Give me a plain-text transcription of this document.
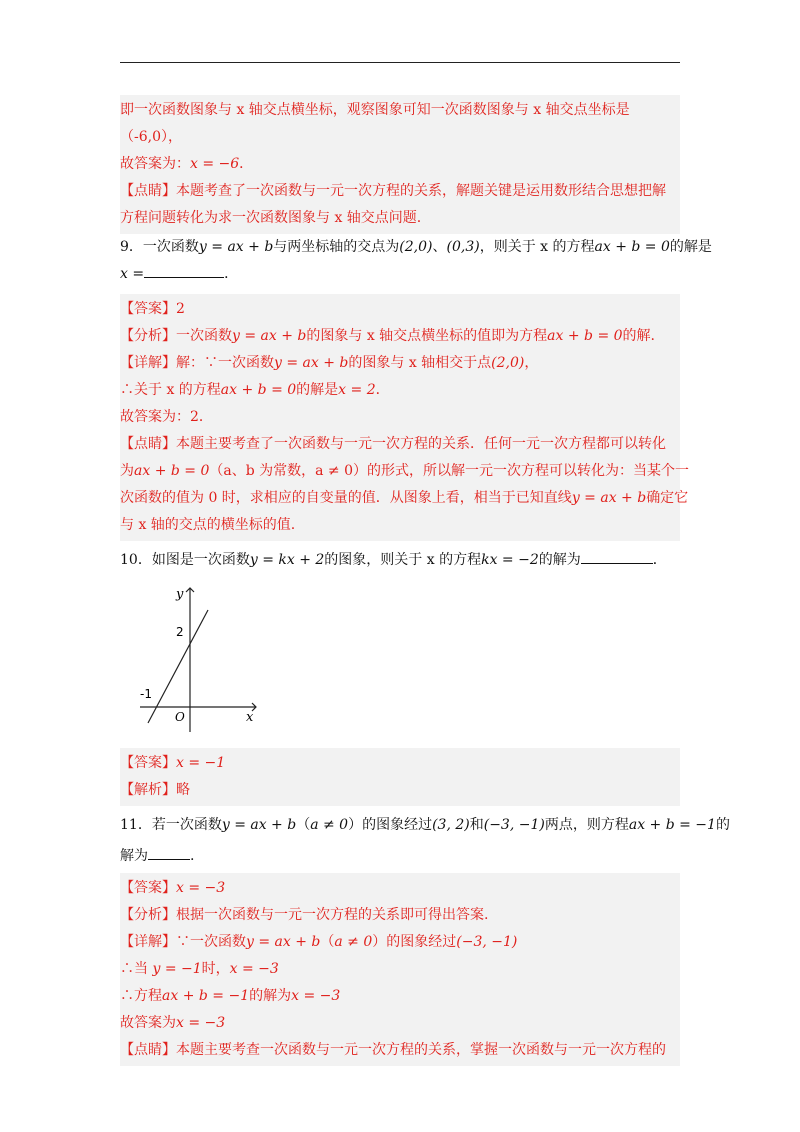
即一次函数图象与 x 轴交点横坐标，观察图象可知一次函数图象与 x 轴交点坐标是
（-6,0），
故答案为：x = −6．
【点睛】本题考查了一次函数与一元一次方程的关系，解题关键是运用数形结合思想把解
方程问题转化为求一次函数图象与 x 轴交点问题.
9．一次函数y = ax + b与两坐标轴的交点为(2,0)、(0,3)，则关于 x 的方程ax + b = 0的解是
x =	．
【答案】2
【分析】一次函数y = ax + b的图象与 x 轴交点横坐标的值即为方程ax + b = 0的解.
【详解】解：∵一次函数y = ax + b的图象与 x 轴相交于点(2,0)，
∴关于 x 的方程ax + b = 0的解是x = 2．
故答案为：2．
【点睛】本题主要考查了一次函数与一元一次方程的关系．任何一元一次方程都可以转化
为ax + b = 0（a、b 为常数，a ≠ 0）的形式，所以解一元一次方程可以转化为：当某个一
次函数的值为 0 时，求相应的自变量的值．从图象上看，相当于已知直线y = ax + b确定它
与 x 轴的交点的横坐标的值.
10．如图是一次函数y = kx + 2的图象，则关于 x 的方程kx = −2的解为	．
y
x
O
2
-1
【答案】x = −1
【解析】略
11．若一次函数y = ax + b（a ≠ 0）的图象经过(3, 2)和(−3, −1)两点，则方程ax + b = −1的
解为	.
【答案】x = −3
【分析】根据一次函数与一元一次方程的关系即可得出答案.
【详解】∵一次函数y = ax + b（a ≠ 0）的图象经过(−3, −1)
∴当 y = −1时，x = −3
∴方程ax + b = −1的解为x = −3
故答案为x = −3
【点睛】本题主要考查一次函数与一元一次方程的关系，掌握一次函数与一元一次方程的
